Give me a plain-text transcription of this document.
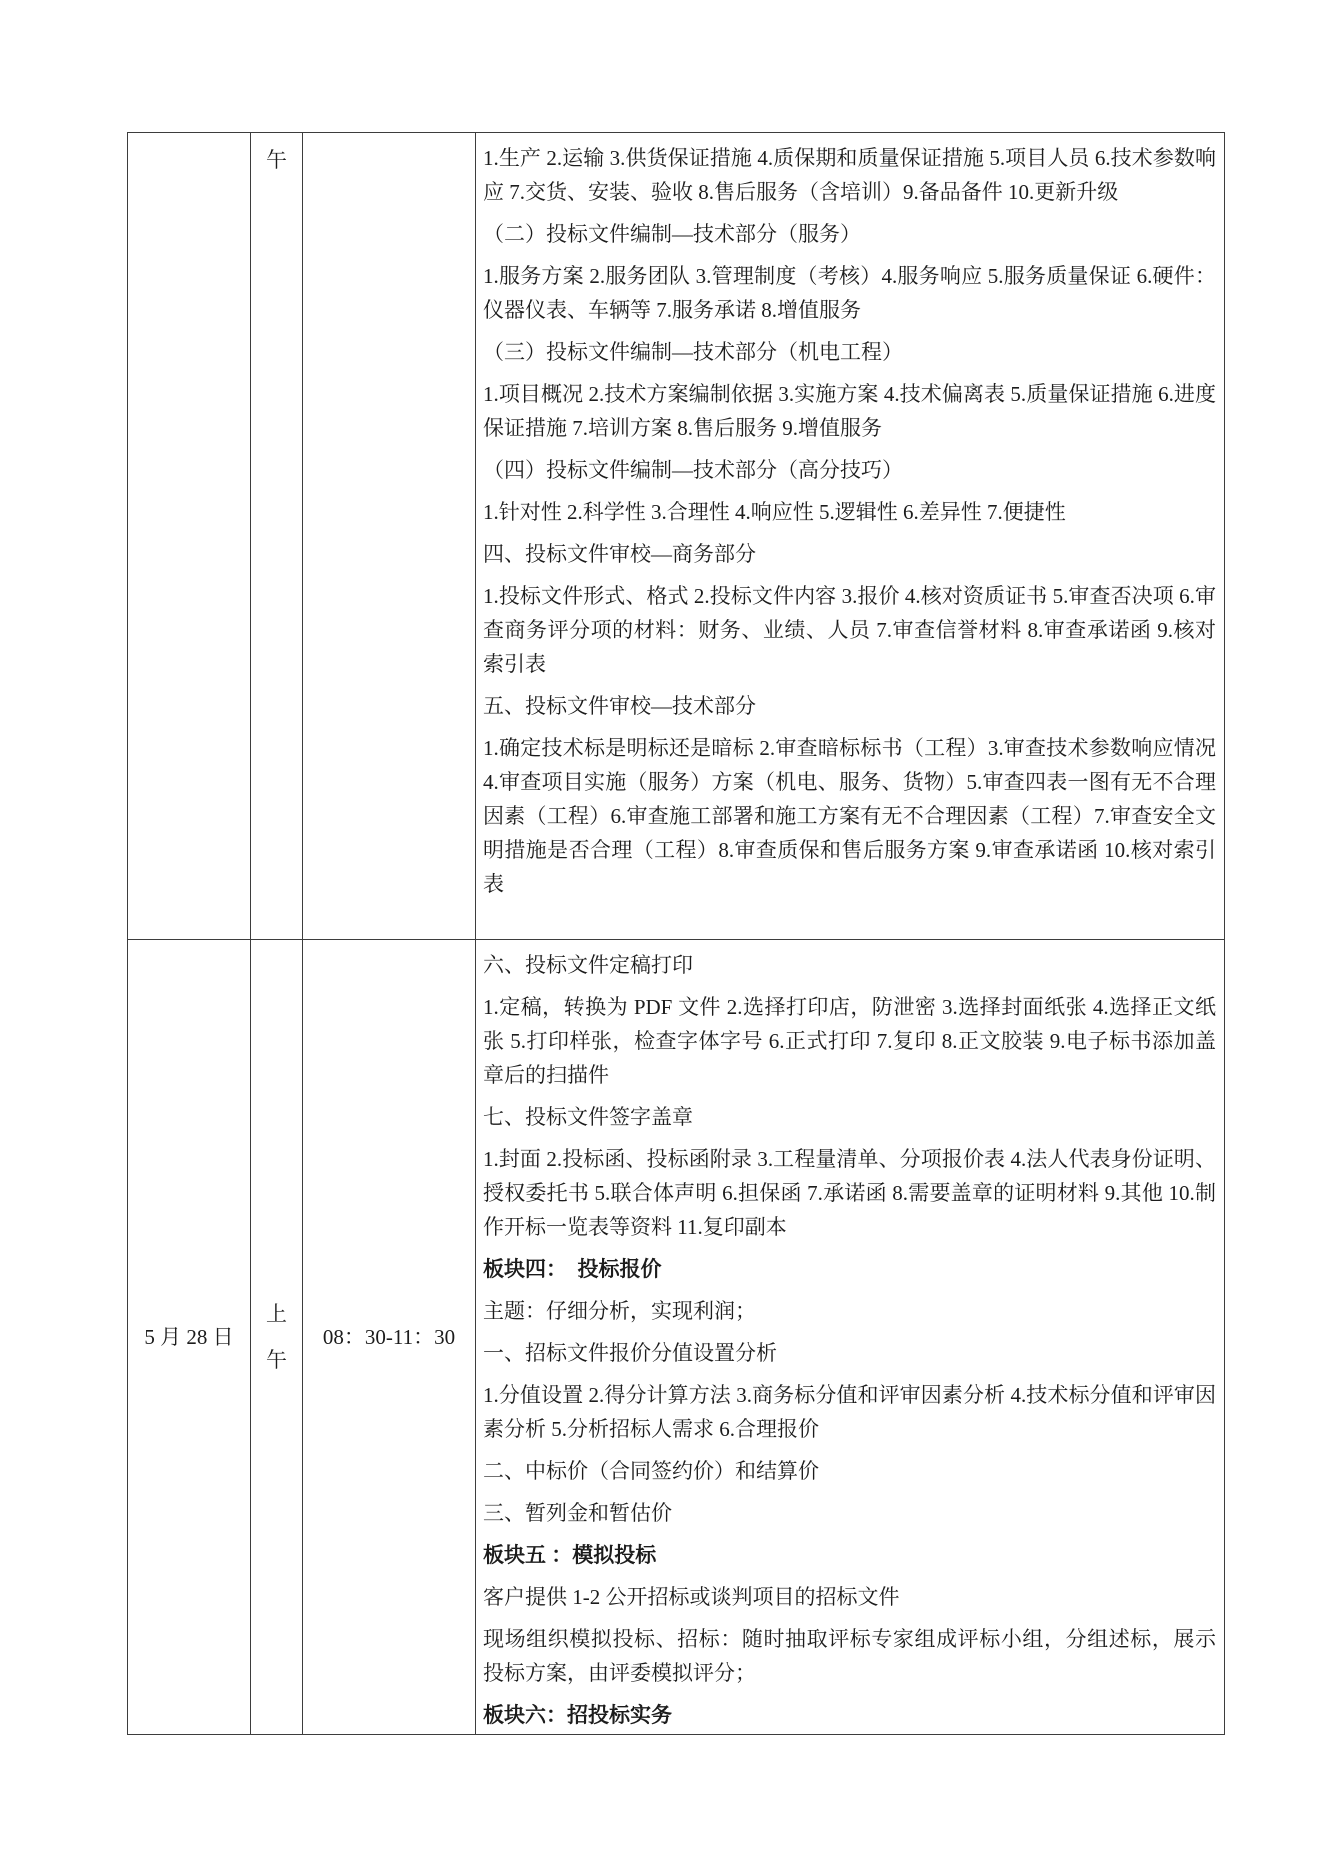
午	1.生产 2.运输 3.供货保证措施 4.质保期和质量保证措施 5.项目人员 6.技术参数响应 7.交货、安装、验收 8.售后服务（含培训）9.备品备件 10.更新升级
（二）投标文件编制—技术部分（服务）
1.服务方案 2.服务团队 3.管理制度（考核）4.服务响应 5.服务质量保证 6.硬件：仪器仪表、车辆等 7.服务承诺 8.增值服务
（三）投标文件编制—技术部分（机电工程）
1.项目概况 2.技术方案编制依据 3.实施方案 4.技术偏离表 5.质量保证措施 6.进度保证措施 7.培训方案 8.售后服务 9.增值服务
（四）投标文件编制—技术部分（高分技巧）
1.针对性 2.科学性 3.合理性 4.响应性 5.逻辑性 6.差异性 7.便捷性
四、投标文件审校—商务部分
1.投标文件形式、格式 2.投标文件内容 3.报价 4.核对资质证书 5.审查否决项 6.审查商务评分项的材料：财务、业绩、人员 7.审查信誉材料 8.审查承诺函 9.核对索引表
五、投标文件审校—技术部分
1.确定技术标是明标还是暗标 2.审查暗标标书（工程）3.审查技术参数响应情况 4.审查项目实施（服务）方案（机电、服务、货物）5.审查四表一图有无不合理因素（工程）6.审查施工部署和施工方案有无不合理因素（工程）7.审查安全文明措施是否合理（工程）8.审查质保和售后服务方案 9.审查承诺函 10.核对索引表
5 月 28 日
上午
08：30-11：30
六、投标文件定稿打印
1.定稿，转换为 PDF 文件 2.选择打印店，防泄密 3.选择封面纸张 4.选择正文纸张 5.打印样张，检查字体字号 6.正式打印 7.复印 8.正文胶装 9.电子标书添加盖章后的扫描件
七、投标文件签字盖章
1.封面 2.投标函、投标函附录 3.工程量清单、分项报价表 4.法人代表身份证明、授权委托书 5.联合体声明 6.担保函 7.承诺函 8.需要盖章的证明材料 9.其他 10.制作开标一览表等资料 11.复印副本
板块四：　投标报价
主题：仔细分析，实现利润；
一、招标文件报价分值设置分析
1.分值设置 2.得分计算方法 3.商务标分值和评审因素分析 4.技术标分值和评审因素分析 5.分析招标人需求 6.合理报价
二、中标价（合同签约价）和结算价
三、暂列金和暂估价
板块五 ：模拟投标
客户提供 1-2 公开招标或谈判项目的招标文件
现场组织模拟投标、招标：随时抽取评标专家组成评标小组，分组述标，展示投标方案，由评委模拟评分；
板块六：招投标实务
